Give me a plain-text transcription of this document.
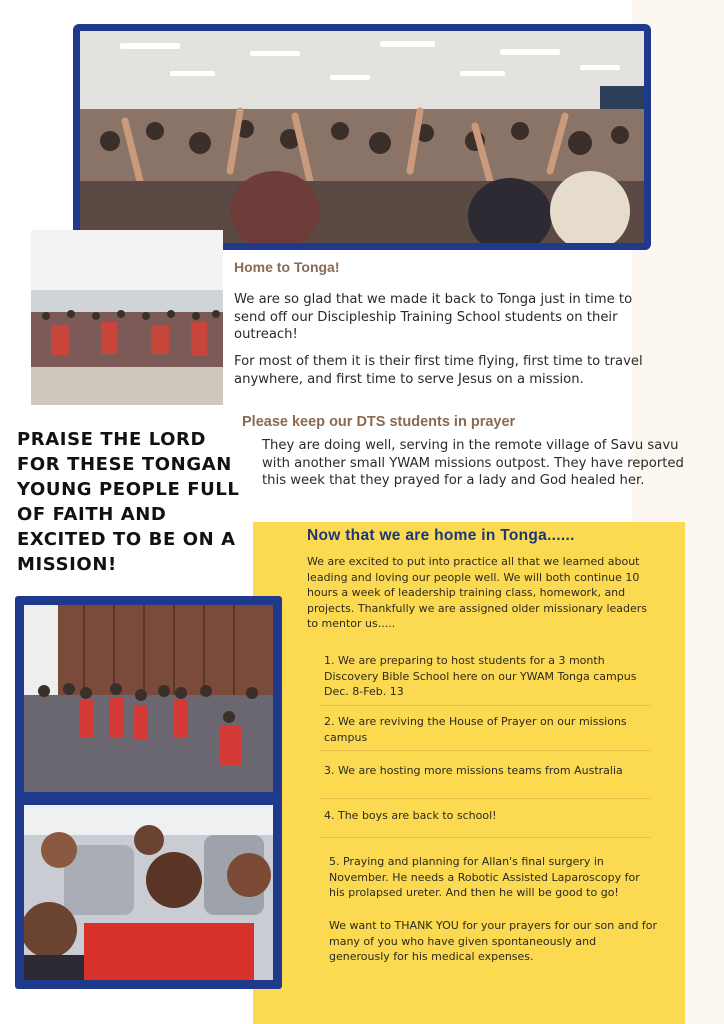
Home to Tonga!
We are so glad that we made it back to Tonga just in time to send off our Discipleship Training School students on their outreach!
For most of them it is their first time flying, first time to travel anywhere, and first time to serve Jesus on a mission.
Please keep our DTS students in prayer
They are doing well, serving in the remote village of Savu savu with another small YWAM missions outpost. They have reported this week that they prayed for a lady and God healed her.
PRAISE THE LORD FOR THESE TONGAN YOUNG PEOPLE FULL OF FAITH AND EXCITED TO BE ON A MISSION!
Now that we are home in Tonga......
We are excited to put into practice all that we learned about leading and loving our people well. We will both continue 10 hours a week of leadership training class, homework, and projects. Thankfully we are assigned older missionary leaders to mentor us.....
1. We are preparing to host students for a 3 month Discovery Bible School here on our YWAM Tonga campus Dec. 8-Feb. 13
2. We are reviving the House of Prayer on our missions campus
3. We are hosting more missions teams from Australia
4. The boys are back to school!
5. Praying and planning for Allan's final surgery in November. He needs a Robotic Assisted Laparoscopy for his prolapsed ureter. And then he will be good to go!
We want to THANK YOU for your prayers for our son and for many of you who have given spontaneously and generously for his medical expenses.
